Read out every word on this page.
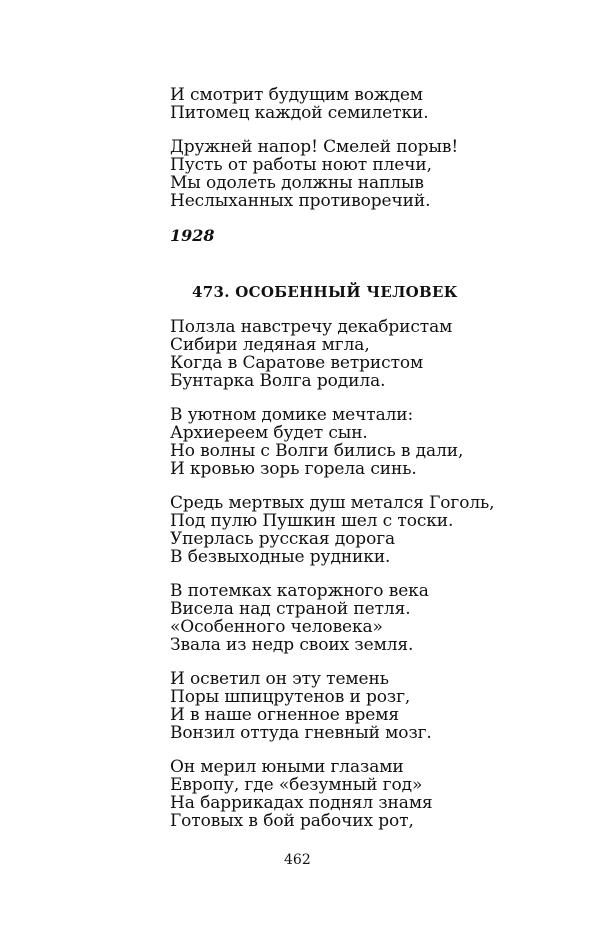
И смотрит будущим вождем
Питомец каждой семилетки.
Дружней напор! Смелей порыв!
Пусть от работы ноют плечи,
Мы одолеть должны наплыв
Неслыханных противоречий.
1928
473. ОСОБЕННЫЙ ЧЕЛОВЕК
Ползла навстречу декабристам
Сибири ледяная мгла,
Когда в Саратове ветристом
Бунтарка Волга родила.
В уютном домике мечтали:
Архиереем будет сын.
Но волны с Волги бились в дали,
И кровью зорь горела синь.
Средь мертвых душ метался Гоголь,
Под пулю Пушкин шел с тоски.
Уперлась русская дорога
В безвыходные рудники.
В потемках каторжного века
Висела над страной петля.
«Особенного человека»
Звала из недр своих земля.
И осветил он эту темень
Поры шпицрутенов и розг,
И в наше огненное время
Вонзил оттуда гневный мозг.
Он мерил юными глазами
Европу, где «безумный год»
На баррикадах поднял знамя
Готовых в бой рабочих рот,
462
